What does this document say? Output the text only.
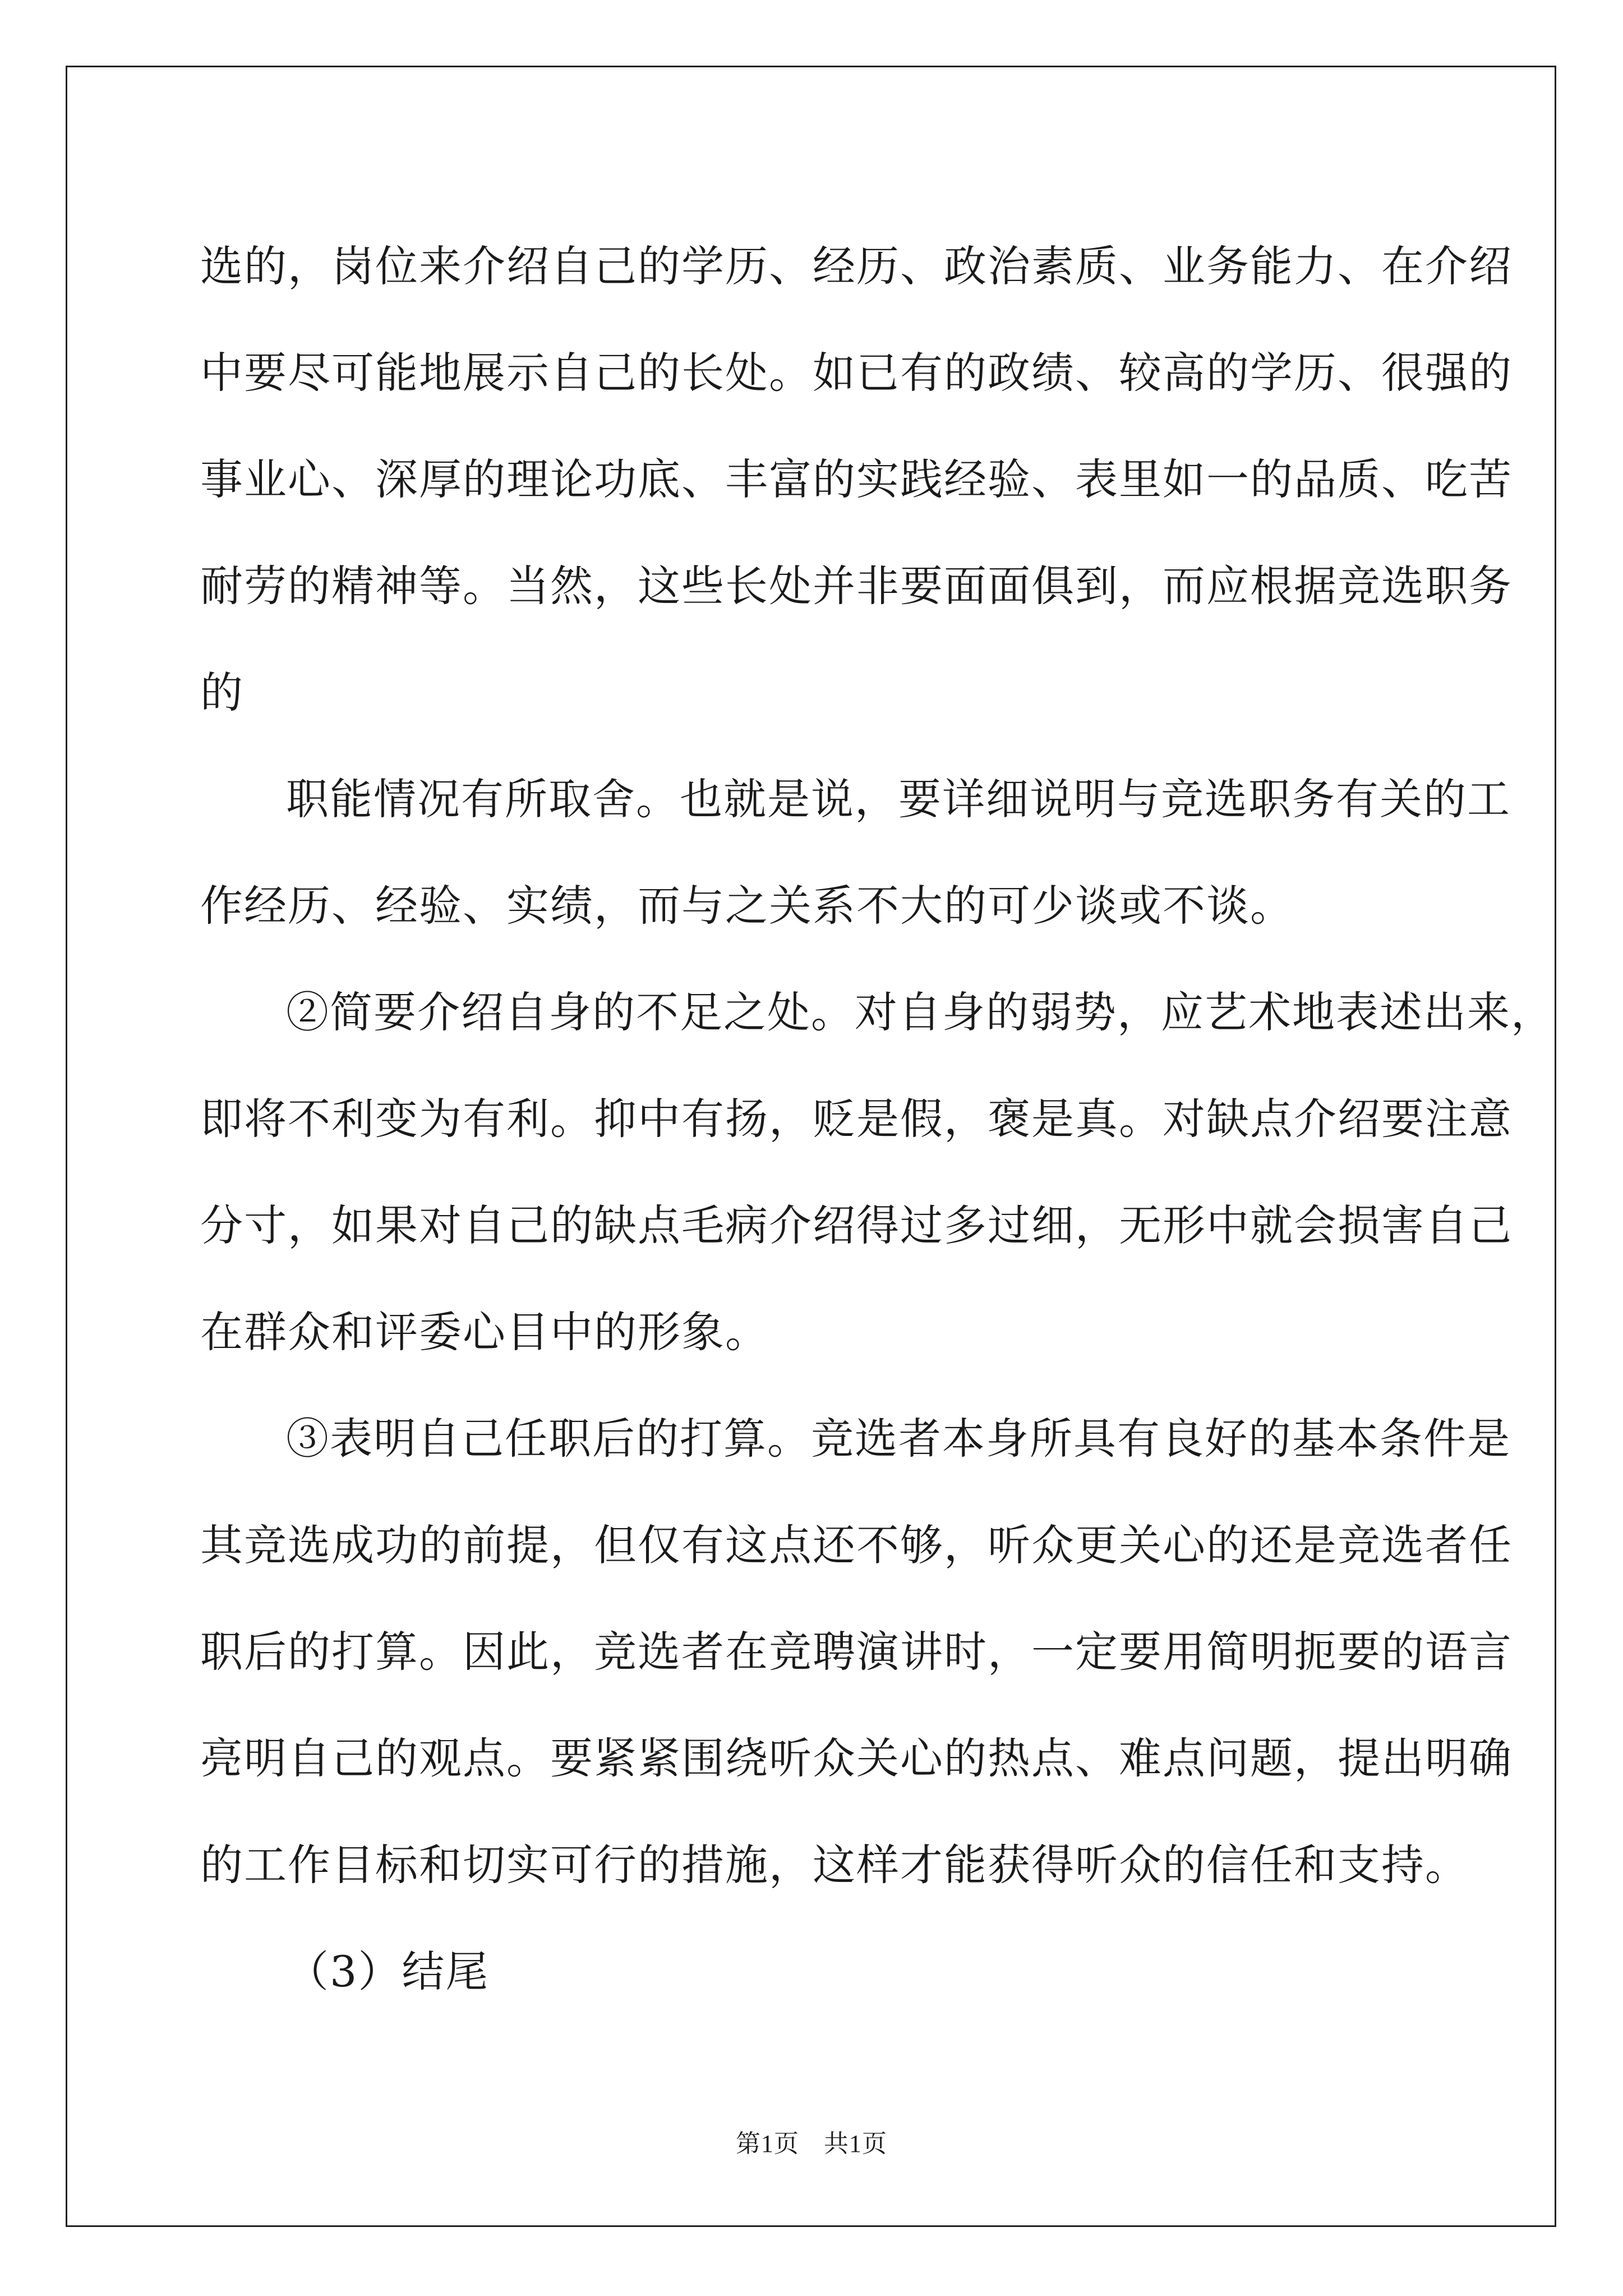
选的，岗位来介绍自己的学历、经历、政治素质、业务能力、在介绍
中要尽可能地展示自己的长处。如已有的政绩、较高的学历、很强的
事业心、深厚的理论功底、丰富的实践经验、表里如一的品质、吃苦
耐劳的精神等。当然，这些长处并非要面面俱到，而应根据竞选职务
的
职能情况有所取舍。也就是说，要详细说明与竞选职务有关的工
作经历、经验、实绩，而与之关系不大的可少谈或不谈。
②简要介绍自身的不足之处。对自身的弱势，应艺术地表述出来，
即将不利变为有利。抑中有扬，贬是假，褒是真。对缺点介绍要注意
分寸，如果对自己的缺点毛病介绍得过多过细，无形中就会损害自己
在群众和评委心目中的形象。
③表明自己任职后的打算。竞选者本身所具有良好的基本条件是
其竞选成功的前提，但仅有这点还不够，听众更关心的还是竞选者任
职后的打算。因此，竞选者在竞聘演讲时，一定要用简明扼要的语言
亮明自己的观点。要紧紧围绕听众关心的热点、难点问题，提出明确
的工作目标和切实可行的措施，这样才能获得听众的信任和支持。
（3）结尾
第1页 共1页
